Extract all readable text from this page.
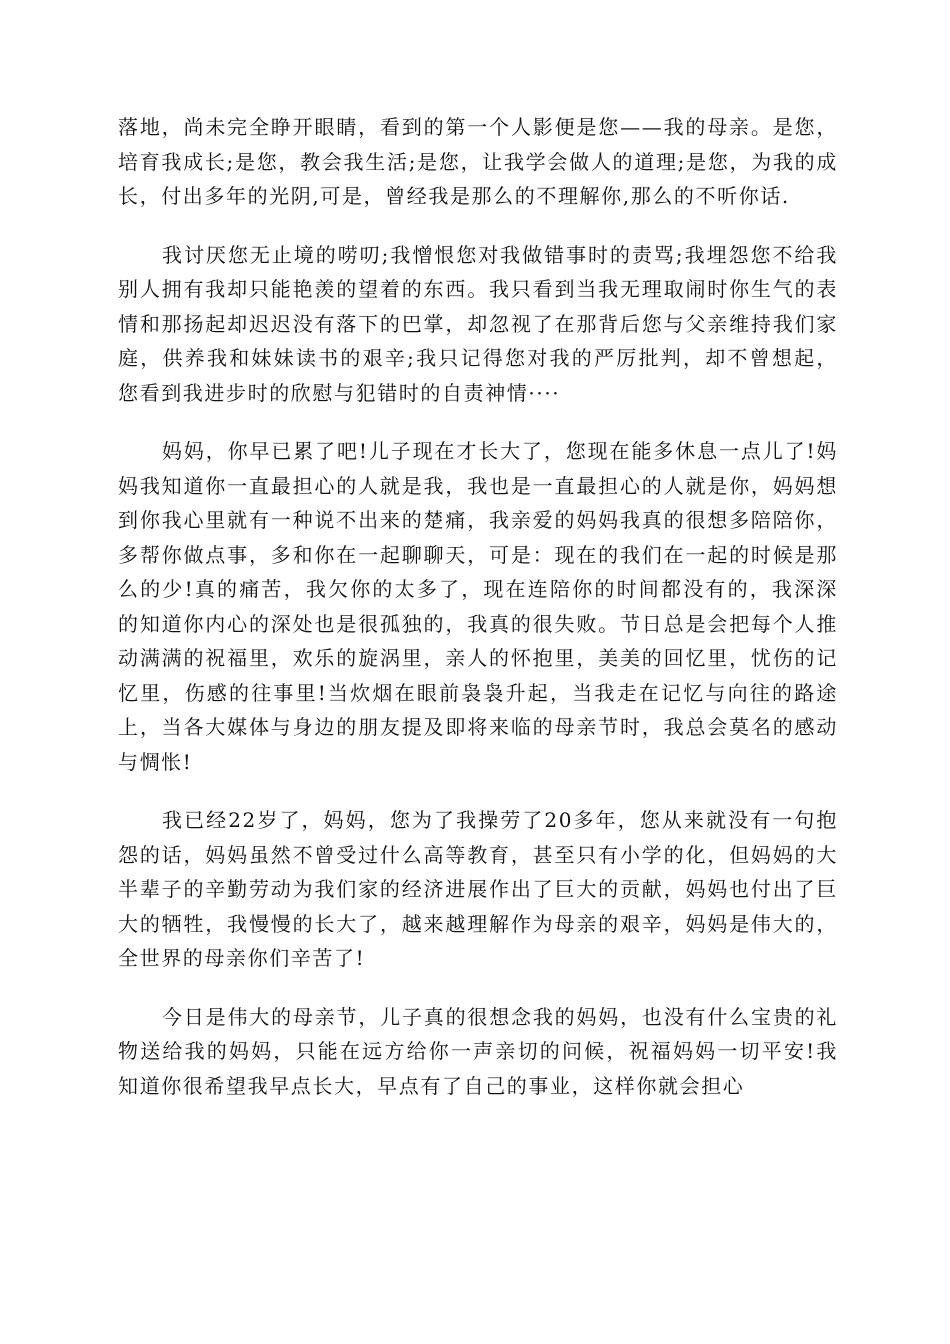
落地，尚未完全睁开眼睛，看到的第一个人影便是您——我的母亲。是您，培育我成长;是您，教会我生活;是您，让我学会做人的道理;是您，为我的成长，付出多年的光阴,可是，曾经我是那么的不理解你,那么的不听你话.

我讨厌您无止境的唠叨;我憎恨您对我做错事时的责骂;我埋怨您不给我别人拥有我却只能艳羡的望着的东西。我只看到当我无理取闹时你生气的表情和那扬起却迟迟没有落下的巴掌，却忽视了在那背后您与父亲维持我们家庭，供养我和妹妹读书的艰辛;我只记得您对我的严厉批判，却不曾想起，您看到我进步时的欣慰与犯错时的自责神情····

妈妈，你早已累了吧!儿子现在才长大了，您现在能多休息一点儿了!妈妈我知道你一直最担心的人就是我，我也是一直最担心的人就是你，妈妈想到你我心里就有一种说不出来的楚痛，我亲爱的妈妈我真的很想多陪陪你，多帮你做点事，多和你在一起聊聊天，可是：现在的我们在一起的时候是那么的少!真的痛苦，我欠你的太多了，现在连陪你的时间都没有的，我深深的知道你内心的深处也是很孤独的，我真的很失败。节日总是会把每个人推动满满的祝福里，欢乐的旋涡里，亲人的怀抱里，美美的回忆里，忧伤的记忆里，伤感的往事里!当炊烟在眼前袅袅升起，当我走在记忆与向往的路途上，当各大媒体与身边的朋友提及即将来临的母亲节时，我总会莫名的感动与惆怅!

我已经22岁了，妈妈，您为了我操劳了20多年，您从来就没有一句抱怨的话，妈妈虽然不曾受过什么高等教育，甚至只有小学的化，但妈妈的大半辈子的辛勤劳动为我们家的经济进展作出了巨大的贡献，妈妈也付出了巨大的牺牲，我慢慢的长大了，越来越理解作为母亲的艰辛，妈妈是伟大的，全世界的母亲你们辛苦了!

今日是伟大的母亲节，儿子真的很想念我的妈妈，也没有什么宝贵的礼物送给我的妈妈，只能在远方给你一声亲切的问候，祝福妈妈一切平安!我知道你很希望我早点长大，早点有了自己的事业，这样你就会担心
